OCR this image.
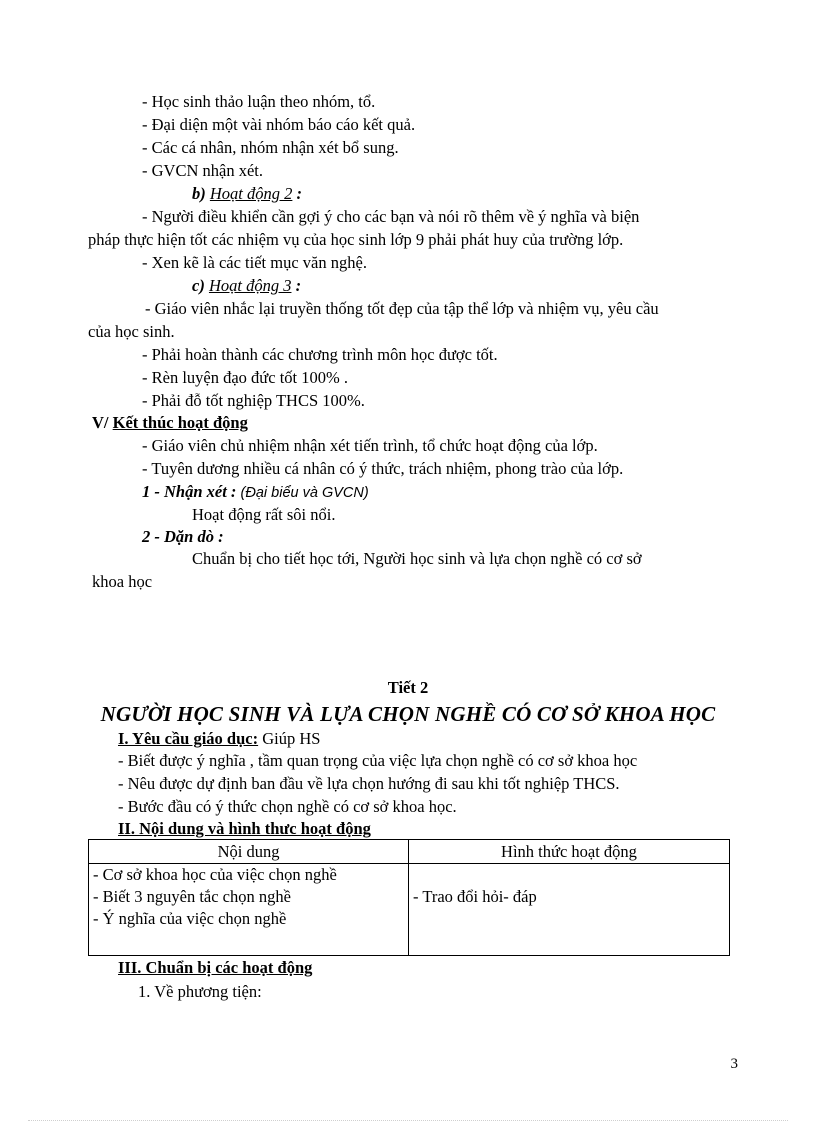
- Học sinh thảo luận theo nhóm, tổ.
- Đại diện một vài nhóm báo cáo kết quả.
- Các cá nhân, nhóm nhận xét bổ sung.
- GVCN nhận xét.
b) Hoạt động 2 :
- Người điều khiển cần gợi ý cho các bạn và nói rõ thêm về ý nghĩa và biện
pháp thực hiện tốt các nhiệm vụ của học sinh lớp 9 phải phát huy của trường lớp.
- Xen kẽ là các tiết mục văn nghệ.
c) Hoạt động 3 :
- Giáo viên nhắc lại truyền thống tốt đẹp của tập thể lớp và nhiệm vụ, yêu cầu
của học sinh.
- Phải hoàn thành các chương trình môn học được tốt.
- Rèn luyện đạo đức tốt 100% .
- Phải đỗ tốt nghiệp THCS 100%.
V/ Kết thúc hoạt động
- Giáo viên chủ nhiệm nhận xét tiến trình, tổ chức hoạt động của lớp.
- Tuyên dương nhiều cá nhân có ý thức, trách nhiệm, phong trào của lớp.
1 - Nhận xét : (Đại biểu và GVCN)
Hoạt động rất sôi nổi.
2 - Dặn dò :
Chuẩn bị cho tiết học tới, Người học sinh và lựa chọn nghề có cơ sở
khoa học
Tiết 2
NGƯỜI HỌC SINH VÀ LỰA CHỌN NGHỀ CÓ CƠ SỞ KHOA HỌC
I. Yêu cầu giáo dục: Giúp HS
- Biết được ý nghĩa , tầm quan trọng của việc lựa chọn nghề có cơ sở khoa học
- Nêu được dự định ban đầu về lựa chọn hướng đi sau khi tốt nghiệp THCS.
- Bước đầu có ý thức chọn nghề có cơ sở khoa học.
II. Nội dung và hình thưc hoạt động
Nội dung	Hình thức hoạt động

- Cơ sở khoa học của việc chọn nghề
- Biết 3 nguyên tắc chọn nghề
- Ý nghĩa của việc chọn nghề	- Trao đổi hỏi- đáp
III. Chuẩn bị các hoạt động
1. Về phương tiện:
3
